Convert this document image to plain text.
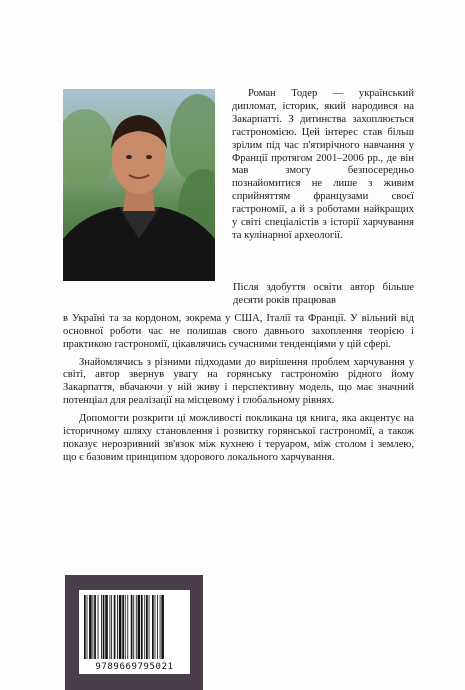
Роман Тодер — український дипломат, історик, який народився на Закарпатті. З дитинства захоплюється гастрономією. Цей інтерес став більш зрілим під час п'ятирічного навчання у Франції протягом 2001–2006 рр., де він мав змогу безпосередньо познайомитися не лише з живим сприйняттям французами своєї гастрономії, а й з роботами найкращих у світі спеціалістів з історії харчування та кулінарної археології.

Після здобуття освіти автор більше десяти років працював

в Україні та за кордоном, зокрема у США, Італії та Франції. У вільний від основної роботи час не полишав свого давнього захоплення теорією і практикою гастрономії, цікавлячись сучасними тенденціями у цій сфері.

Знайомлячись з різними підходами до вирішення проблем харчування у світі, автор звернув увагу на горянську гастрономію рідного йому Закарпаття, вбачаючи у ній живу і перспективну модель, що має значний потенціал для реалізації на місцевому і глобальному рівнях.

Допомогти розкрити ці можливості покликана ця книга, яка акцентує на історичному шляху становлення і розвитку горянської гастрономії, а також показує нерозривний зв'язок між кухнею і теруаром, між столом і землею, що є базовим принципом здорового локального харчування.

9789669795021
